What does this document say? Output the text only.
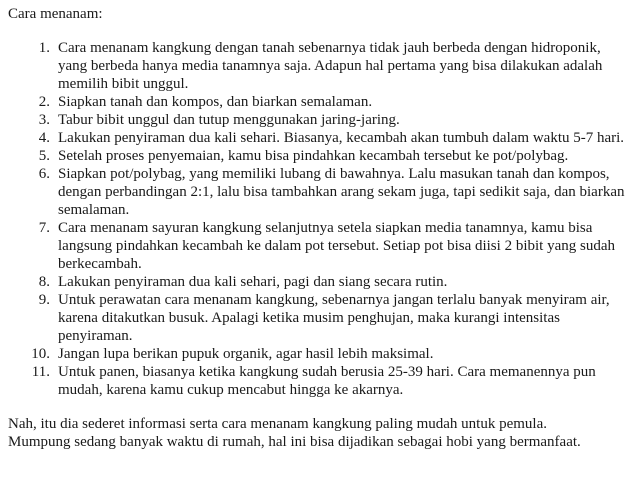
Cara menanam:

1. Cara menanam kangkung dengan tanah sebenarnya tidak jauh berbeda dengan hidroponik, yang berbeda hanya media tanamnya saja. Adapun hal pertama yang bisa dilakukan adalah memilih bibit unggul.
2. Siapkan tanah dan kompos, dan biarkan semalaman.
3. Tabur bibit unggul dan tutup menggunakan jaring-jaring.
4. Lakukan penyiraman dua kali sehari. Biasanya, kecambah akan tumbuh dalam waktu 5-7 hari.
5. Setelah proses penyemaian, kamu bisa pindahkan kecambah tersebut ke pot/polybag.
6. Siapkan pot/polybag, yang memiliki lubang di bawahnya. Lalu masukan tanah dan kompos, dengan perbandingan 2:1, lalu bisa tambahkan arang sekam juga, tapi sedikit saja, dan biarkan semalaman.
7. Cara menanam sayuran kangkung selanjutnya setela siapkan media tanamnya, kamu bisa langsung pindahkan kecambah ke dalam pot tersebut. Setiap pot bisa diisi 2 bibit yang sudah berkecambah.
8. Lakukan penyiraman dua kali sehari, pagi dan siang secara rutin.
9. Untuk perawatan cara menanam kangkung, sebenarnya jangan terlalu banyak menyiram air, karena ditakutkan busuk. Apalagi ketika musim penghujan, maka kurangi intensitas penyiraman.
10. Jangan lupa berikan pupuk organik, agar hasil lebih maksimal.
11. Untuk panen, biasanya ketika kangkung sudah berusia 25-39 hari. Cara memanennya pun mudah, karena kamu cukup mencabut hingga ke akarnya.

Nah, itu dia sederet informasi serta cara menanam kangkung paling mudah untuk pemula.

Mumpung sedang banyak waktu di rumah, hal ini bisa dijadikan sebagai hobi yang bermanfaat.
